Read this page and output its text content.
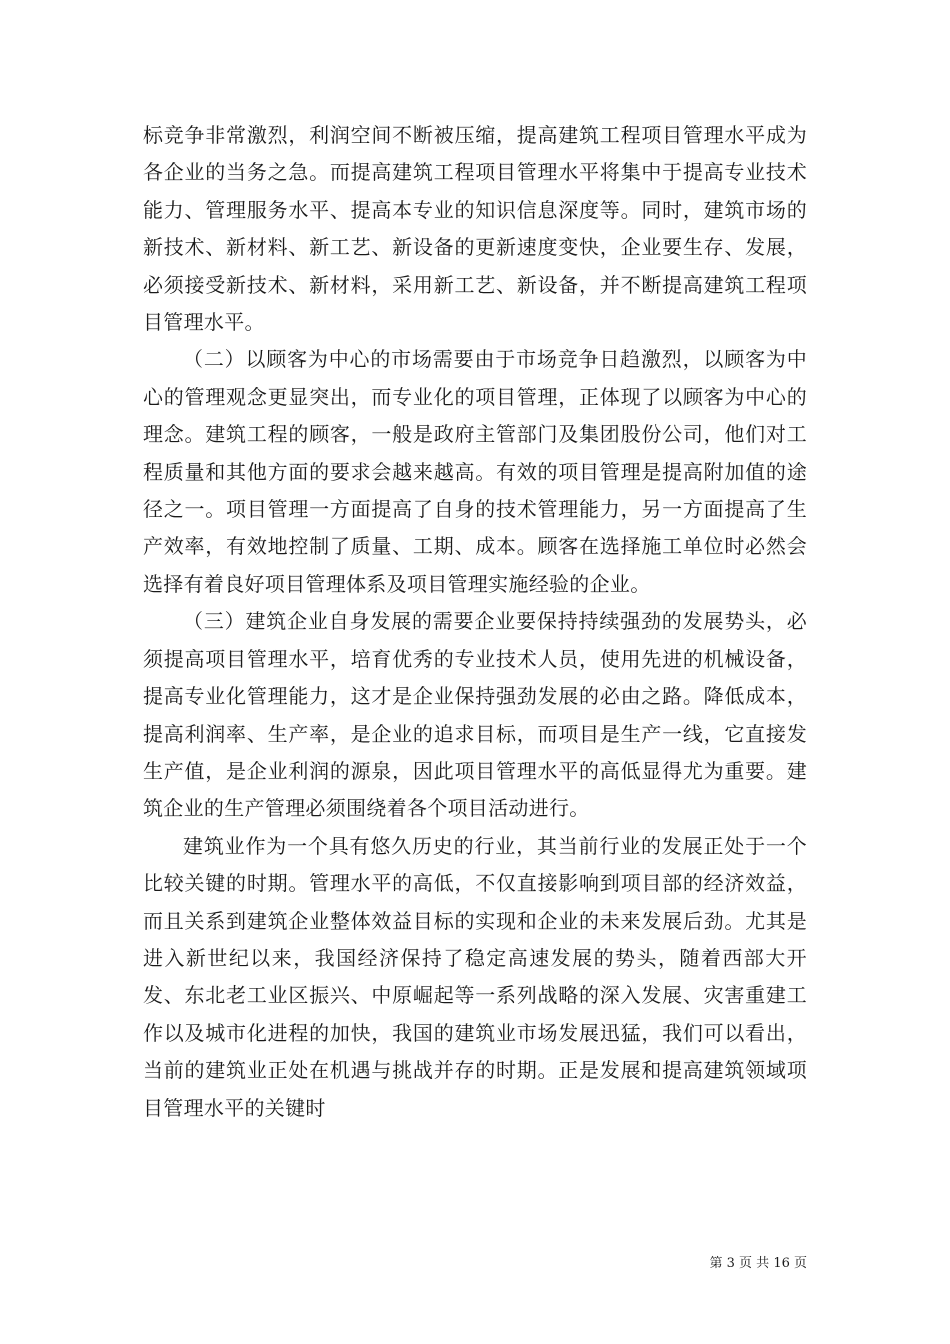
标竞争非常激烈，利润空间不断被压缩，提高建筑工程项目管理水平成为各企业的当务之急。而提高建筑工程项目管理水平将集中于提高专业技术能力、管理服务水平、提高本专业的知识信息深度等。同时，建筑市场的新技术、新材料、新工艺、新设备的更新速度变快，企业要生存、发展，必须接受新技术、新材料，采用新工艺、新设备，并不断提高建筑工程项目管理水平。

（二）以顾客为中心的市场需要由于市场竞争日趋激烈，以顾客为中心的管理观念更显突出，而专业化的项目管理，正体现了以顾客为中心的理念。建筑工程的顾客，一般是政府主管部门及集团股份公司，他们对工程质量和其他方面的要求会越来越高。有效的项目管理是提高附加值的途径之一。项目管理一方面提高了自身的技术管理能力，另一方面提高了生产效率，有效地控制了质量、工期、成本。顾客在选择施工单位时必然会选择有着良好项目管理体系及项目管理实施经验的企业。

（三）建筑企业自身发展的需要企业要保持持续强劲的发展势头，必须提高项目管理水平，培育优秀的专业技术人员，使用先进的机械设备，提高专业化管理能力，这才是企业保持强劲发展的必由之路。降低成本，提高利润率、生产率，是企业的追求目标，而项目是生产一线，它直接发生产值，是企业利润的源泉，因此项目管理水平的高低显得尤为重要。建筑企业的生产管理必须围绕着各个项目活动进行。

建筑业作为一个具有悠久历史的行业，其当前行业的发展正处于一个比较关键的时期。管理水平的高低，不仅直接影响到项目部的经济效益，而且关系到建筑企业整体效益目标的实现和企业的未来发展后劲。尤其是进入新世纪以来，我国经济保持了稳定高速发展的势头，随着西部大开发、东北老工业区振兴、中原崛起等一系列战略的深入发展、灾害重建工作以及城市化进程的加快，我国的建筑业市场发展迅猛，我们可以看出，当前的建筑业正处在机遇与挑战并存的时期。正是发展和提高建筑领域项目管理水平的关键时

第 3 页 共 16 页
